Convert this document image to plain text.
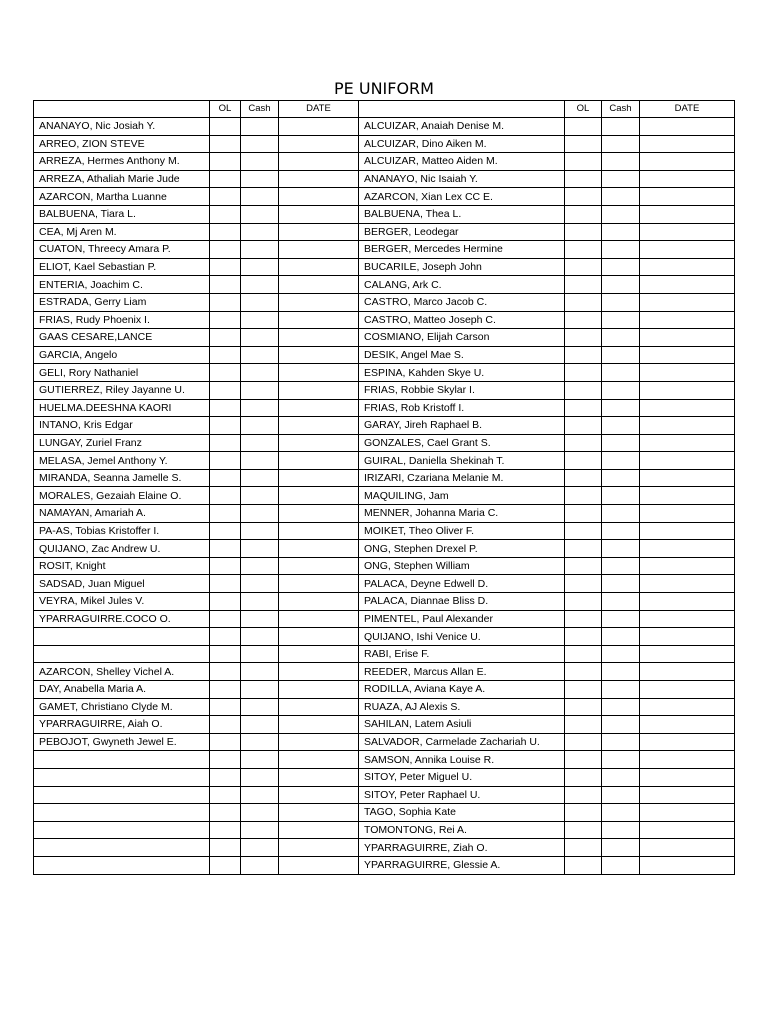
PE UNIFORM
	OL	Cash	DATE		OL	Cash	DATE
ANANAYO, Nic Josiah Y.				ALCUIZAR, Anaiah Denise M.			
ARREO, ZION STEVE				ALCUIZAR, Dino Aiken M.			
ARREZA, Hermes Anthony M.				ALCUIZAR, Matteo Aiden M.			
ARREZA, Athaliah Marie Jude				ANANAYO, Nic Isaiah Y.			
AZARCON, Martha Luanne				AZARCON, Xian Lex CC E.			
BALBUENA, Tiara L.				BALBUENA, Thea L.			
CEA, Mj Aren M.				BERGER, Leodegar			
CUATON, Threecy Amara P.				BERGER, Mercedes Hermine			
ELIOT, Kael Sebastian P.				BUCARILE, Joseph John			
ENTERIA, Joachim C.				CALANG, Ark C.			
ESTRADA, Gerry Liam				CASTRO, Marco Jacob C.			
FRIAS, Rudy Phoenix I.				CASTRO, Matteo Joseph C.			
GAAS CESARE,LANCE				COSMIANO, Elijah Carson			
GARCIA, Angelo				DESIK, Angel Mae S.			
GELI, Rory Nathaniel				ESPINA, Kahden Skye U.			
GUTIERREZ, Riley Jayanne U.				FRIAS, Robbie Skylar I.			
HUELMA.DEESHNA KAORI				FRIAS, Rob Kristoff I.			
INTANO, Kris Edgar				GARAY, Jireh Raphael B.			
LUNGAY, Zuriel Franz				GONZALES, Cael Grant S.			
MELASA, Jemel Anthony Y.				GUIRAL, Daniella Shekinah T.			
MIRANDA, Seanna Jamelle S.				IRIZARI, Czariana Melanie M.			
MORALES, Gezaiah Elaine O.				MAQUILING, Jam			
NAMAYAN, Amariah A.				MENNER, Johanna Maria C.			
PA-AS, Tobias Kristoffer I.				MOIKET, Theo Oliver F.			
QUIJANO, Zac Andrew U.				ONG, Stephen Drexel P.			
ROSIT, Knight				ONG, Stephen William			
SADSAD, Juan Miguel				PALACA, Deyne Edwell D.			
VEYRA, Mikel Jules V.				PALACA, Diannae Bliss D.			
YPARRAGUIRRE.COCO O.				PIMENTEL, Paul Alexander			
				QUIJANO, Ishi Venice U.			
				RABI, Erise F.			
AZARCON, Shelley Vichel A.				REEDER, Marcus Allan E.			
DAY, Anabella Maria A.				RODILLA, Aviana Kaye A.			
GAMET, Christiano Clyde M.				RUAZA, AJ Alexis S.			
YPARRAGUIRRE, Aiah O.				SAHILAN, Latem Asiuli			
PEBOJOT, Gwyneth Jewel E.				SALVADOR, Carmelade Zachariah U.			
				SAMSON, Annika Louise R.			
				SITOY, Peter Miguel U.			
				SITOY, Peter Raphael U.			
				TAGO, Sophia Kate			
				TOMONTONG, Rei A.			
				YPARRAGUIRRE, Ziah O.			
				YPARRAGUIRRE, Glessie A.			
